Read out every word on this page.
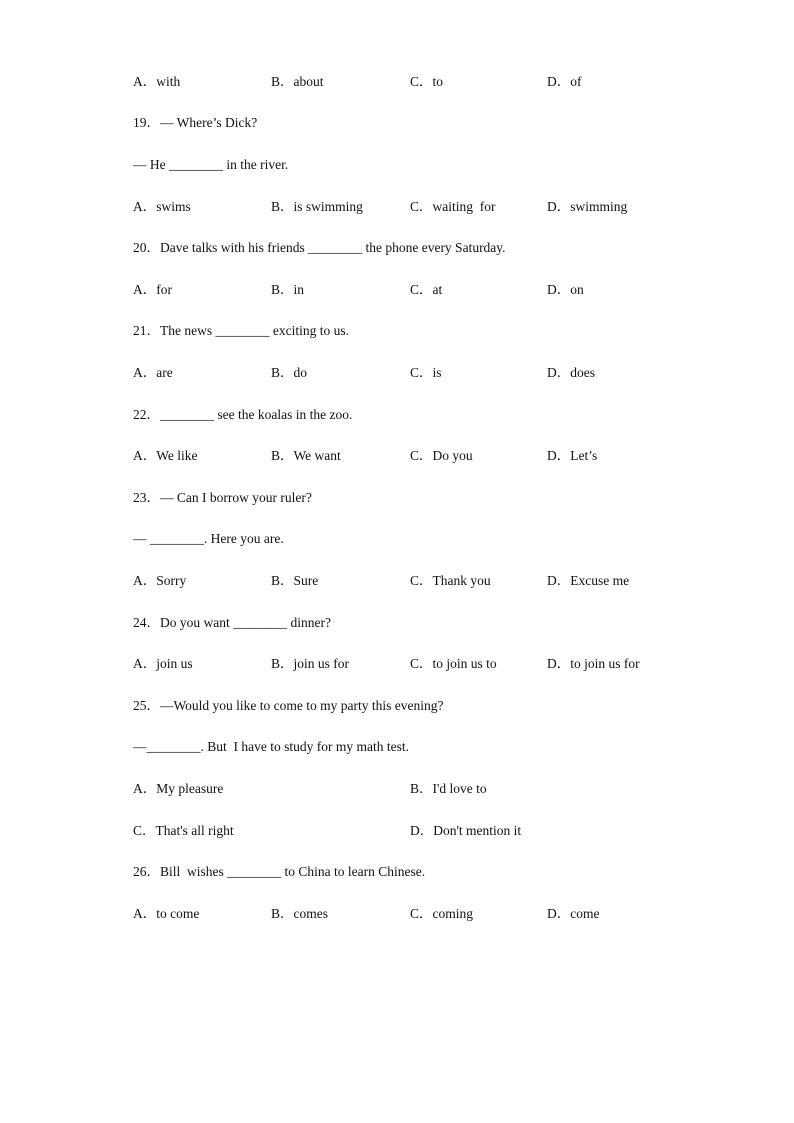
A．with	B．about	C．to	D．of
19．— Where’s Dick?
— He ________ in the river.
A．swims	B．is swimming	C．waiting  for	D．swimming
20．Dave talks with his friends ________ the phone every Saturday.
A．for	B．in	C．at	D．on
21．The news ________ exciting to us.
A．are	B．do	C．is	D．does
22．________ see the koalas in the zoo.
A．We like	B．We want	C．Do you	D．Let’s
23．— Can I borrow your ruler?
— ________. Here you are.
A．Sorry	B．Sure	C．Thank you	D．Excuse me
24．Do you want ________ dinner?
A．join us	B．join us for	C．to join us to	D．to join us for
25．—Would you like to come to my party this evening?
—________. But  I have to study for my math test.
A．My pleasure	B．I'd love to
C．That's all right	D．Don't mention it
26．Bill  wishes ________ to China to learn Chinese.
A．to come	B．comes	C．coming	D．come
